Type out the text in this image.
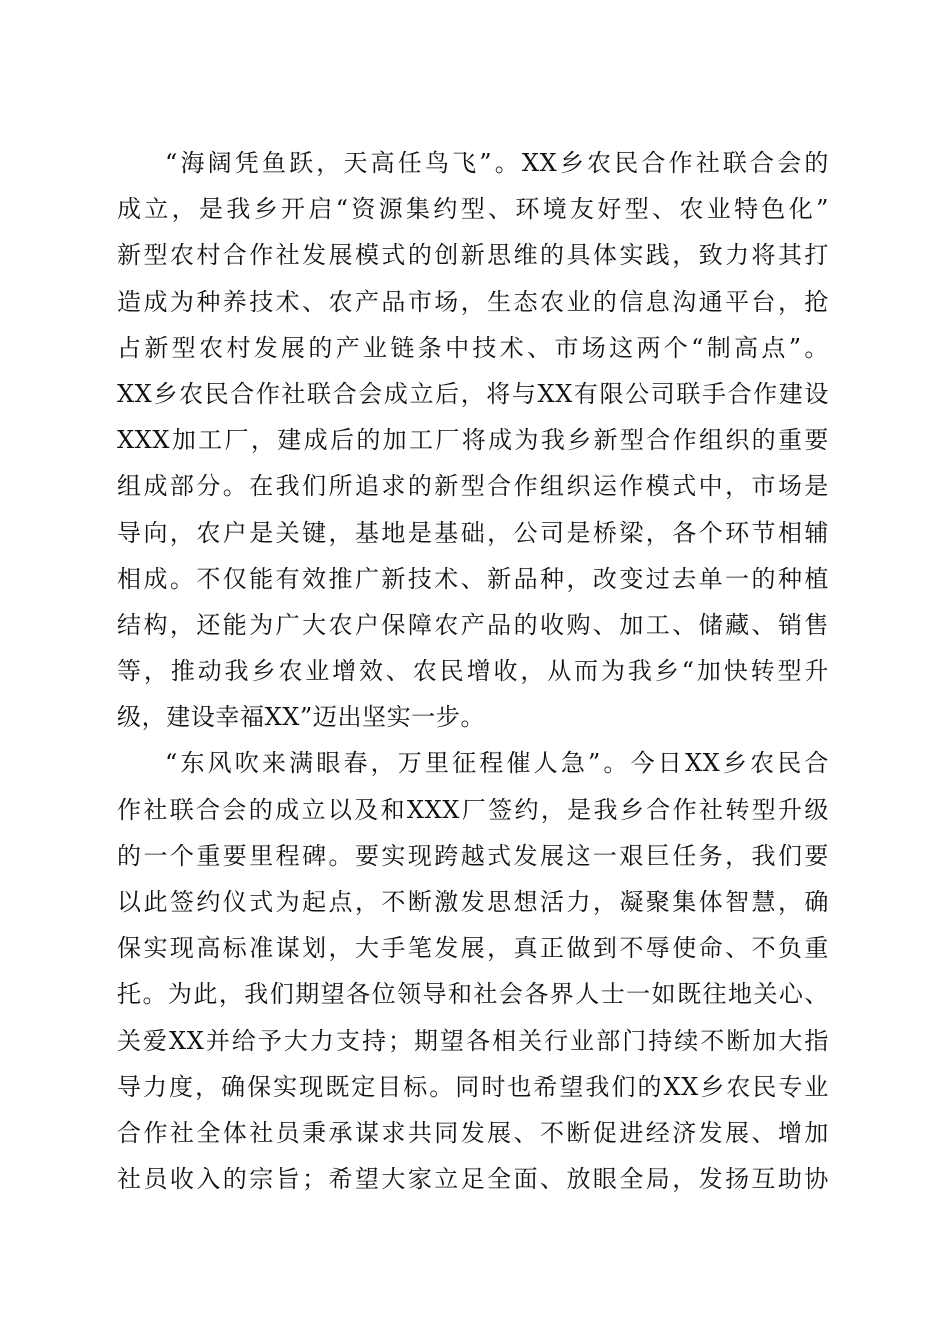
“海阔凭鱼跃，天高任鸟飞”。XX乡农民合作社联合会的
成立，是我乡开启“资源集约型、环境友好型、农业特色化”
新型农村合作社发展模式的创新思维的具体实践，致力将其打
造成为种养技术、农产品市场，生态农业的信息沟通平台，抢
占新型农村发展的产业链条中技术、市场这两个“制高点”。
XX乡农民合作社联合会成立后，将与XX有限公司联手合作建设
XXX加工厂，建成后的加工厂将成为我乡新型合作组织的重要
组成部分。在我们所追求的新型合作组织运作模式中，市场是
导向，农户是关键，基地是基础，公司是桥梁，各个环节相辅
相成。不仅能有效推广新技术、新品种，改变过去单一的种植
结构，还能为广大农户保障农产品的收购、加工、储藏、销售
等，推动我乡农业增效、农民增收，从而为我乡“加快转型升
级，建设幸福XX”迈出坚实一步。
“东风吹来满眼春，万里征程催人急”。今日XX乡农民合
作社联合会的成立以及和XXX厂签约，是我乡合作社转型升级
的一个重要里程碑。要实现跨越式发展这一艰巨任务，我们要
以此签约仪式为起点，不断激发思想活力，凝聚集体智慧，确
保实现高标准谋划，大手笔发展，真正做到不辱使命、不负重
托。为此，我们期望各位领导和社会各界人士一如既往地关心、
关爱XX并给予大力支持；期望各相关行业部门持续不断加大指
导力度，确保实现既定目标。同时也希望我们的XX乡农民专业
合作社全体社员秉承谋求共同发展、不断促进经济发展、增加
社员收入的宗旨；希望大家立足全面、放眼全局，发扬互助协
